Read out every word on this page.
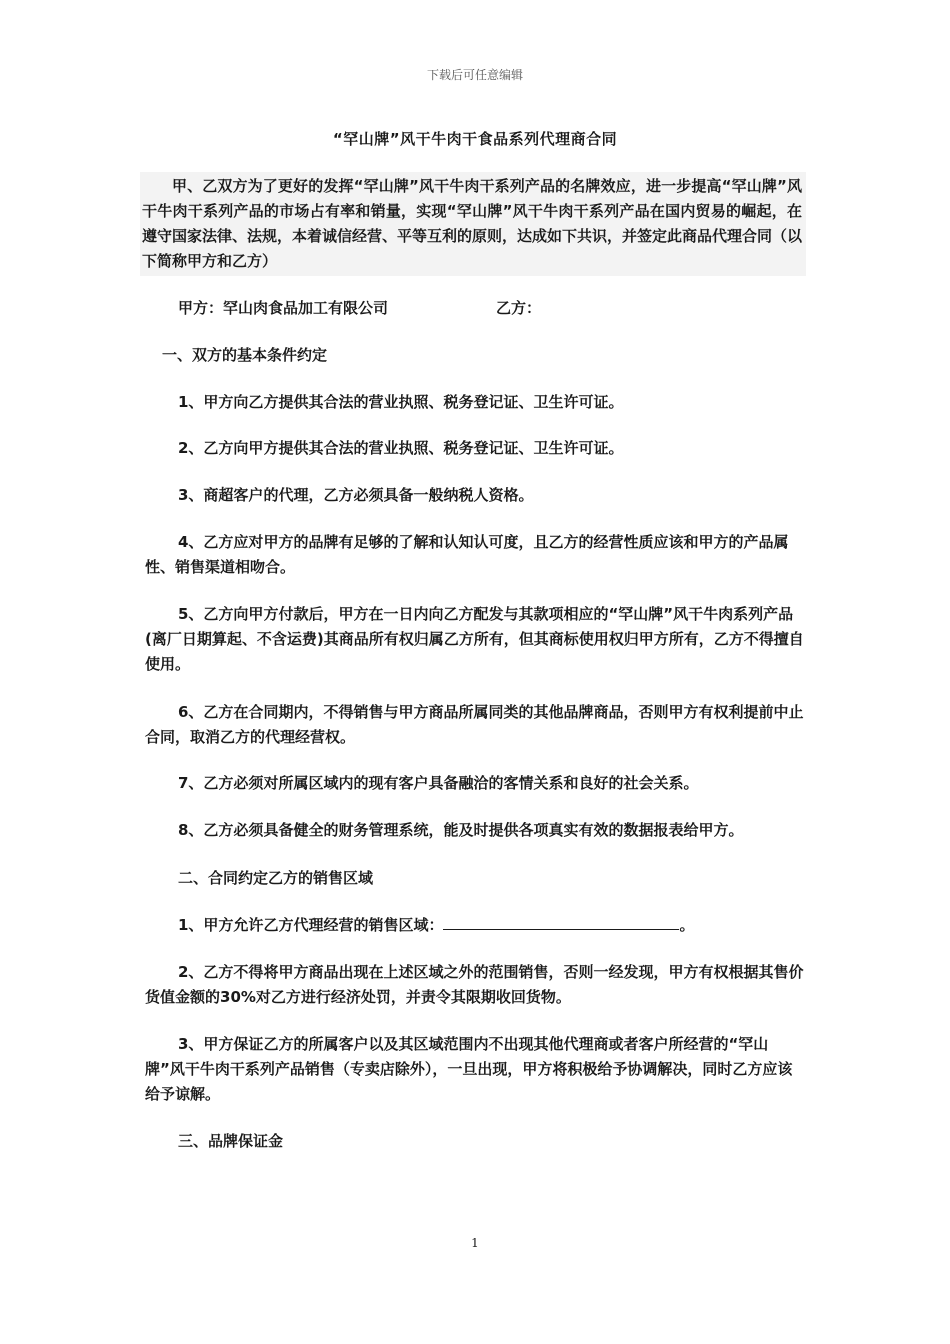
下载后可任意编辑
“罕山牌”风干牛肉干食品系列代理商合同
甲、乙双方为了更好的发挥“罕山牌”风干牛肉干系列产品的名牌效应，进一步提高“罕山牌”风干牛肉干系列产品的市场占有率和销量，实现“罕山牌”风干牛肉干系列产品在国内贸易的崛起，在遵守国家法律、法规，本着诚信经营、平等互利的原则，达成如下共识，并签定此商品代理合同（以下简称甲方和乙方）
甲方：罕山肉食品加工有限公司	乙方：

一、双方的基本条件约定

1、甲方向乙方提供其合法的营业执照、税务登记证、卫生许可证。

2、乙方向甲方提供其合法的营业执照、税务登记证、卫生许可证。

3、商超客户的代理，乙方必须具备一般纳税人资格。

4、乙方应对甲方的品牌有足够的了解和认知认可度，且乙方的经营性质应该和甲方的产品属性、销售渠道相吻合。

5、乙方向甲方付款后，甲方在一日内向乙方配发与其款项相应的“罕山牌”风干牛肉系列产品(离厂日期算起、不含运费)其商品所有权归属乙方所有，但其商标使用权归甲方所有，乙方不得擅自使用。

6、乙方在合同期内，不得销售与甲方商品所属同类的其他品牌商品，否则甲方有权利提前中止合同，取消乙方的代理经营权。

7、乙方必须对所属区域内的现有客户具备融洽的客情关系和良好的社会关系。

8、乙方必须具备健全的财务管理系统，能及时提供各项真实有效的数据报表给甲方。

二、合同约定乙方的销售区域

1、甲方允许乙方代理经营的销售区域：	。

2、乙方不得将甲方商品出现在上述区域之外的范围销售，否则一经发现，甲方有权根据其售价货值金额的30%对乙方进行经济处罚，并责令其限期收回货物。

3、甲方保证乙方的所属客户以及其区域范围内不出现其他代理商或者客户所经营的“罕山牌”风干牛肉干系列产品销售（专卖店除外），一旦出现，甲方将积极给予协调解决，同时乙方应该给予谅解。

三、品牌保证金

1
